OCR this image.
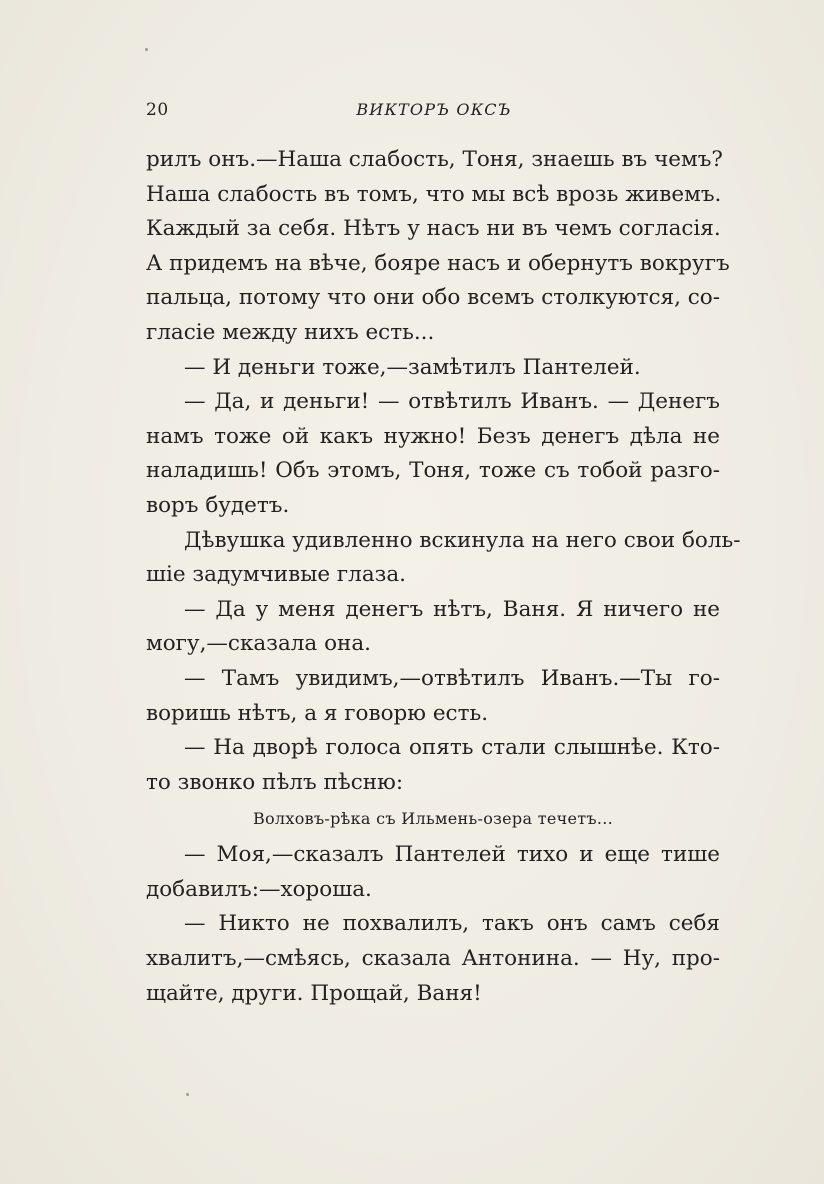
20	ВИКТОРЪ ОКСЪ
рилъ онъ.—Наша слабость, Тоня, знаешь въ чемъ?
Наша слабость въ томъ, что мы всѣ врозь живемъ.
Каждый за себя. Нѣтъ у насъ ни въ чемъ согласія.
А придемъ на вѣче, бояре насъ и обернутъ вокругъ
пальца, потому что они обо всемъ столкуются, со-
гласіе между нихъ есть...
— И деньги тоже,—замѣтилъ Пантелей.
— Да, и деньги! — отвѣтилъ Иванъ. — Денегъ
намъ тоже ой какъ нужно! Безъ денегъ дѣла не
наладишь! Объ этомъ, Тоня, тоже съ тобой разго-
воръ будетъ.
Дѣвушка удивленно вскинула на него свои боль-
шіе задумчивые глаза.
— Да у меня денегъ нѣтъ, Ваня. Я ничего не
могу,—сказала она.
— Тамъ увидимъ,—отвѣтилъ Иванъ.—Ты го-
воришь нѣтъ, а я говорю есть.
— На дворѣ голоса опять стали слышнѣе. Кто-
то звонко пѣлъ пѣсню:
Волховъ-рѣка съ Ильмень-озера течетъ...
— Моя,—сказалъ Пантелей тихо и еще тише
добавилъ:—хороша.
— Никто не похвалилъ, такъ онъ самъ себя
хвалитъ,—смѣясь, сказала Антонина. — Ну, про-
щайте, други. Прощай, Ваня!
